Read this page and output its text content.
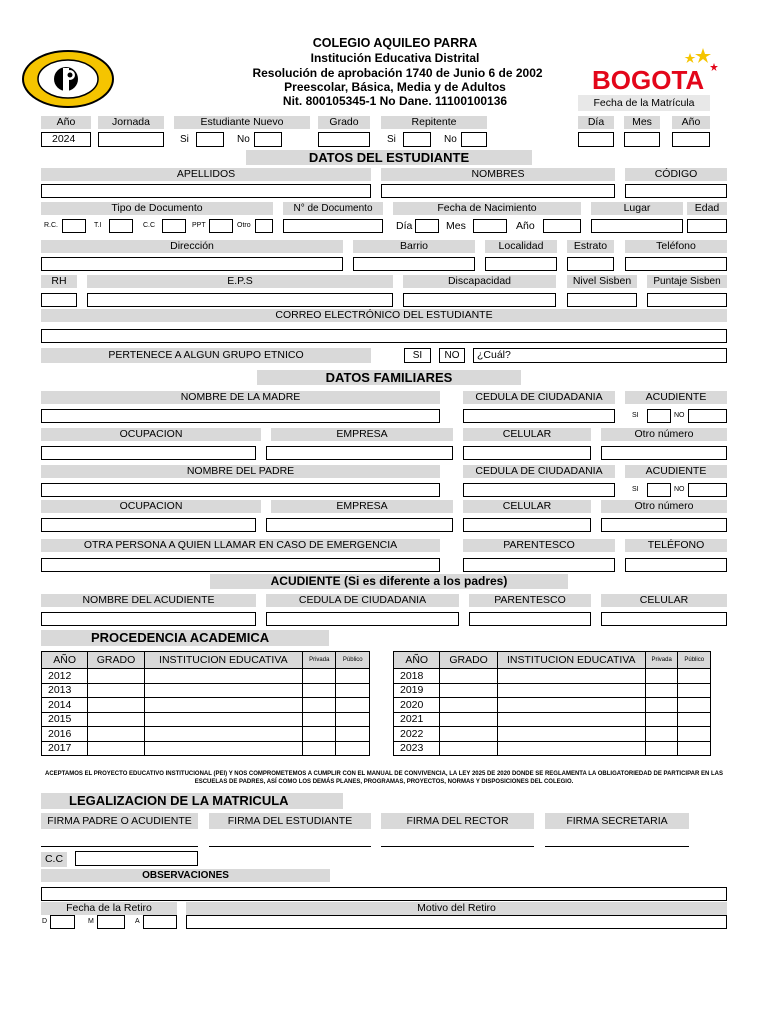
COLEGIO AQUILEO PARRA
Institución Educativa Distrital
Resolución de aprobación 1740 de Junio 6 de 2002
Preescolar, Básica, Media y de Adultos
Nit. 800105345-1 No Dane. 11100100136
BOGOTA
Fecha de la Matrícula
Año	Jornada	Estudiante Nuevo	Grado	Repitente	Día	Mes	Año
2024	Si	No	Si	No
DATOS DEL ESTUDIANTE
APELLIDOS	NOMBRES	CÓDIGO
Tipo de Documento	N° de Documento	Fecha de Nacimiento	Lugar	Edad
R.C.	T.I	C.C	PPT	Otro	Día	Mes	Año
Dirección	Barrio	Localidad	Estrato	Teléfono
RH	E.P.S	Discapacidad	Nivel Sisben	Puntaje Sisben
CORREO ELECTRÓNICO DEL ESTUDIANTE
PERTENECE A ALGUN GRUPO ETNICO	SI	NO	¿Cuál?
DATOS FAMILIARES
NOMBRE DE LA MADRE	CEDULA DE CIUDADANIA	ACUDIENTE
SI	NO
OCUPACION	EMPRESA	CELULAR	Otro número
NOMBRE DEL PADRE	CEDULA DE CIUDADANIA	ACUDIENTE
SI	NO
OCUPACION	EMPRESA	CELULAR	Otro número
OTRA PERSONA A QUIEN LLAMAR EN CASO DE EMERGENCIA	PARENTESCO	TELÉFONO
ACUDIENTE (Si es diferente a los padres)
NOMBRE DEL ACUDIENTE	CEDULA DE CIUDADANIA	PARENTESCO	CELULAR
PROCEDENCIA ACADEMICA
AÑO	GRADO	INSTITUCION EDUCATIVA	Privada	Público
2012				
2013				
2014				
2015				
2016				
2017				
AÑO	GRADO	INSTITUCION EDUCATIVA	Privada	Público
2018				
2019				
2020				
2021				
2022				
2023				
ACEPTAMOS EL PROYECTO EDUCATIVO INSTITUCIONAL (PEI) Y NOS COMPROMETEMOS A CUMPLIR CON EL MANUAL DE CONVIVENCIA, LA LEY 2025 DE 2020 DONDE SE REGLAMENTA LA OBLIGATORIEDAD DE PARTICIPAR EN LAS ESCUELAS DE PADRES, ASÍ COMO LOS DEMÁS PLANES, PROGRAMAS, PROYECTOS, NORMAS Y DISPOSICIONES DEL COLEGIO.
LEGALIZACION DE LA MATRICULA
FIRMA PADRE O ACUDIENTE	FIRMA DEL ESTUDIANTE	FIRMA DEL RECTOR	FIRMA SECRETARIA
C.C
OBSERVACIONES
Fecha de la Retiro	Motivo del Retiro
D	M	A
